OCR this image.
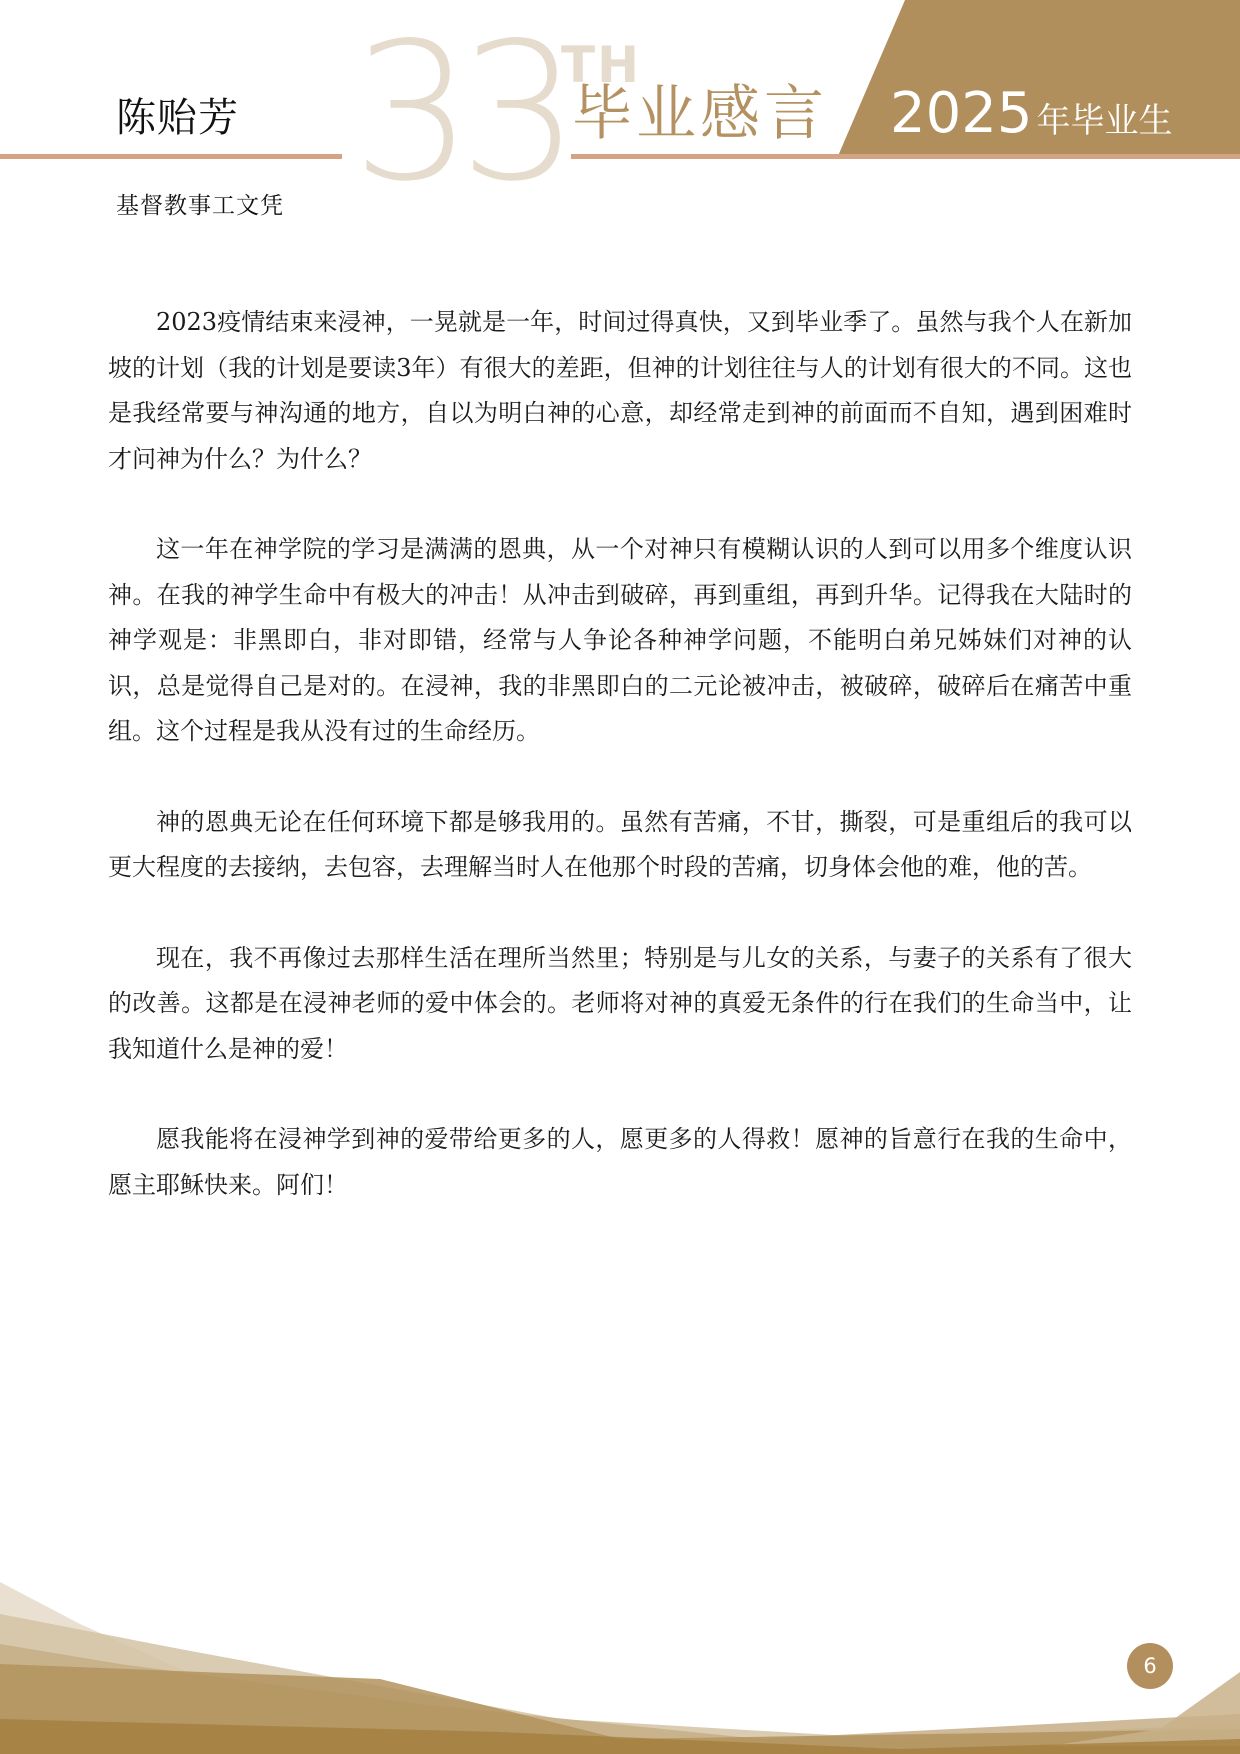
33
TH
毕业感言
陈贻芳
基督教事工文凭
2025 年毕业生

2023疫情结束来浸神，一晃就是一年，时间过得真快，又到毕业季了。虽然与我个人在新加坡的计划（我的计划是要读3年）有很大的差距，但神的计划往往与人的计划有很大的不同。这也是我经常要与神沟通的地方，自以为明白神的心意，却经常走到神的前面而不自知，遇到困难时才问神为什么？为什么？

这一年在神学院的学习是满满的恩典，从一个对神只有模糊认识的人到可以用多个维度认识神。在我的神学生命中有极大的冲击！从冲击到破碎，再到重组，再到升华。记得我在大陆时的神学观是：非黑即白，非对即错，经常与人争论各种神学问题，不能明白弟兄姊妹们对神的认识，总是觉得自己是对的。在浸神，我的非黑即白的二元论被冲击，被破碎，破碎后在痛苦中重组。这个过程是我从没有过的生命经历。

神的恩典无论在任何环境下都是够我用的。虽然有苦痛，不甘，撕裂，可是重组后的我可以更大程度的去接纳，去包容，去理解当时人在他那个时段的苦痛，切身体会他的难，他的苦。

现在，我不再像过去那样生活在理所当然里；特别是与儿女的关系，与妻子的关系有了很大的改善。这都是在浸神老师的爱中体会的。老师将对神的真爱无条件的行在我们的生命当中，让我知道什么是神的爱！

愿我能将在浸神学到神的爱带给更多的人，愿更多的人得救！愿神的旨意行在我的生命中，愿主耶稣快来。阿们！

6
